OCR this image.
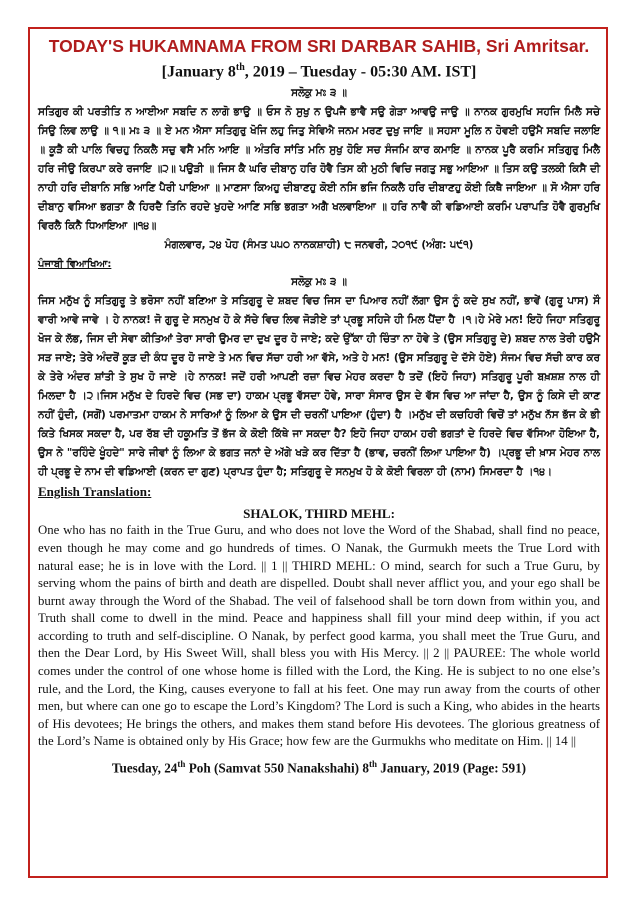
TODAY'S HUKAMNAMA FROM SRI DARBAR SAHIB, Sri Amritsar.

[January 8th, 2019 – Tuesday - 05:30 AM. IST]

ਸਲੋਕੁ ਮਃ ੩ ॥

ਸਤਿਗੁਰ ਕੀ ਪਰਤੀਤਿ ਨ ਆਈਆ ਸਬਦਿ ਨ ਲਾਗੋ ਭਾਉ ॥ ਓਸ ਨੋ ਸੁਖੁ ਨ ਉਪਜੈ ਭਾਵੈ ਸਉ ਗੇੜਾ ਆਵਉ ਜਾਉ ॥ ਨਾਨਕ ਗੁਰਮੁਖਿ ਸਹਜਿ ਮਿਲੈ ਸਚੇ ਸਿਉ ਲਿਵ ਲਾਉ ॥ ੧॥ ਮਃ ੩ ॥ ਏ ਮਨ ਐਸਾ ਸਤਿਗੁਰੁ ਖੋਜਿ ਲਹੁ ਜਿਤੁ ਸੇਵਿਐ ਜਨਮ ਮਰਣ ਦੁਖੁ ਜਾਇ ॥ ਸਹਸਾ ਮੂਲਿ ਨ ਹੋਵਈ ਹਉਮੈ ਸਬਦਿ ਜਲਾਇ ॥ ਕੂੜੈ ਕੀ ਪਾਲਿ ਵਿਚਹੁ ਨਿਕਲੈ ਸਚੁ ਵਸੈ ਮਨਿ ਆਇ ॥ ਅੰਤਰਿ ਸਾਂਤਿ ਮਨਿ ਸੁਖੁ ਹੋਇ ਸਚ ਸੰਜਮਿ ਕਾਰ ਕਮਾਇ ॥ ਨਾਨਕ ਪੂਰੈ ਕਰਮਿ ਸਤਿਗੁਰੁ ਮਿਲੈ ਹਰਿ ਜੀਉ ਕਿਰਪਾ ਕਰੇ ਰਜਾਇ ॥੨॥ ਪਉੜੀ ॥ ਜਿਸ ਕੈ ਘਰਿ ਦੀਬਾਨੁ ਹਰਿ ਹੋਵੈ ਤਿਸ ਕੀ ਮੁਠੀ ਵਿਚਿ ਜਗਤੁ ਸਭੁ ਆਇਆ ॥ ਤਿਸ ਕਉ ਤਲਕੀ ਕਿਸੈ ਦੀ ਨਾਹੀ ਹਰਿ ਦੀਬਾਨਿ ਸਭਿ ਆਣਿ ਪੈਰੀ ਪਾਇਆ ॥ ਮਾਣਸਾ ਕਿਅਹੁ ਦੀਬਾਣਹੁ ਕੋਈ ਨਸਿ ਭਜਿ ਨਿਕਲੈ ਹਰਿ ਦੀਬਾਣਹੁ ਕੋਈ ਕਿਥੈ ਜਾਇਆ ॥ ਸੋ ਐਸਾ ਹਰਿ ਦੀਬਾਨੁ ਵਸਿਆ ਭਗਤਾ ਕੈ ਹਿਰਦੈ ਤਿਨਿ ਰਹਦੇ ਖੁਹਦੇ ਆਣਿ ਸਭਿ ਭਗਤਾ ਅਗੈ ਖਲਵਾਇਆ ॥ ਹਰਿ ਨਾਵੈ ਕੀ ਵਡਿਆਈ ਕਰਮਿ ਪਰਾਪਤਿ ਹੋਵੈ ਗੁਰਮੁਖਿ ਵਿਰਲੈ ਕਿਨੈ ਧਿਆਇਆ ॥੧੪॥

ਮੰਗਲਵਾਰ, ੨੪ ਪੋਹ (ਸੰਮਤ ੫੫੦ ਨਾਨਕਸ਼ਾਹੀ) ੮ ਜਨਵਰੀ, ੨੦੧੯ (ਅੰਗ: ੫੯੧)

ਪੰਜਾਬੀ ਵਿਆਖਿਆ:

ਸਲੋਕੁ ਮਃ ੩ ॥

ਜਿਸ ਮਨੁੱਖ ਨੂੰ ਸਤਿਗੁਰੂ ਤੇ ਭਰੋਸਾ ਨਹੀਂ ਬਣਿਆ ਤੇ ਸਤਿਗੁਰੂ ਦੇ ਸ਼ਬਦ ਵਿਚ ਜਿਸ ਦਾ ਪਿਆਰ ਨਹੀਂ ਲੱਗਾ ਉਸ ਨੂੰ ਕਦੇ ਸੁਖ ਨਹੀਂ, ਭਾਵੇਂ (ਗੁਰੂ ਪਾਸ) ਸੌ ਵਾਰੀ ਆਵੇ ਜਾਵੇ । ਹੇ ਨਾਨਕ! ਜੋ ਗੁਰੂ ਦੇ ਸਨਮੁਖ ਹੋ ਕੇ ਸੱਚੇ ਵਿਚ ਲਿਵ ਜੋੜੀਏ ਤਾਂ ਪ੍ਰਭੂ ਸਹਿਜੇ ਹੀ ਮਿਲ ਪੈਂਦਾ ਹੈ ।੧।ਹੇ ਮੇਰੇ ਮਨ! ਇਹੋ ਜਿਹਾ ਸਤਿਗੁਰੂ ਖੋਜ ਕੇ ਲੱਭ, ਜਿਸ ਦੀ ਸੇਵਾ ਕੀਤਿਆਂ ਤੇਰਾ ਸਾਰੀ ਉਮਰ ਦਾ ਦੁਖ ਦੂਰ ਹੋ ਜਾਏ; ਕਦੇ ਉੱਕਾ ਹੀ ਚਿੰਤਾ ਨਾ ਹੋਵੇ ਤੇ (ਉਸ ਸਤਿਗੁਰੂ ਦੇ) ਸ਼ਬਦ ਨਾਲ ਤੇਰੀ ਹਉਮੈ ਸੜ ਜਾਏ; ਤੇਰੇ ਅੰਦਰੋਂ ਕੂੜ ਦੀ ਕੰਧ ਦੂਰ ਹੋ ਜਾਏ ਤੇ ਮਨ ਵਿਚ ਸੱਚਾ ਹਰੀ ਆ ਵੱਸੇ, ਅਤੇ ਹੇ ਮਨ! (ਉਸ ਸਤਿਗੁਰੂ ਦੇ ਦੱਸੇ ਹੋਏ) ਸੰਜਮ ਵਿਚ ਸੱਚੀ ਕਾਰ ਕਰ ਕੇ ਤੇਰੇ ਅੰਦਰ ਸ਼ਾਂਤੀ ਤੇ ਸੁਖ ਹੋ ਜਾਏ ।ਹੇ ਨਾਨਕ! ਜਦੋਂ ਹਰੀ ਆਪਣੀ ਰਜ਼ਾ ਵਿਚ ਮੇਹਰ ਕਰਦਾ ਹੈ ਤਦੋਂ (ਇਹੋ ਜਿਹਾ) ਸਤਿਗੁਰੂ ਪੂਰੀ ਬਖ਼ਸ਼ਸ਼ ਨਾਲ ਹੀ ਮਿਲਦਾ ਹੈ ।੨।ਜਿਸ ਮਨੁੱਖ ਦੇ ਹਿਰਦੇ ਵਿਚ (ਸਭ ਦਾ) ਹਾਕਮ ਪ੍ਰਭੂ ਵੱਸਦਾ ਹੋਵੇ, ਸਾਰਾ ਸੰਸਾਰ ਉਸ ਦੇ ਵੱਸ ਵਿਚ ਆ ਜਾਂਦਾ ਹੈ, ਉਸ ਨੂੰ ਕਿਸੇ ਦੀ ਕਾਣ ਨਹੀਂ ਹੁੰਦੀ, (ਸਗੋਂ) ਪਰਮਾਤਮਾ ਹਾਕਮ ਨੇ ਸਾਰਿਆਂ ਨੂੰ ਲਿਆ ਕੇ ਉਸ ਦੀ ਚਰਨੀਂ ਪਾਇਆ (ਹੁੰਦਾ) ਹੈ ।ਮਨੁੱਖ ਦੀ ਕਚਹਿਰੀ ਵਿਚੋਂ ਤਾਂ ਮਨੁੱਖ ਨੱਸ ਭੱਜ ਕੇ ਭੀ ਕਿਤੇ ਖਿਸਕ ਸਕਦਾ ਹੈ, ਪਰ ਰੱਬ ਦੀ ਹਕੂਮਤਿ ਤੋਂ ਭੱਜ ਕੇ ਕੋਈ ਕਿੱਥੇ ਜਾ ਸਕਦਾ ਹੈ? ਇਹੋ ਜਿਹਾ ਹਾਕਮ ਹਰੀ ਭਗਤਾਂ ਦੇ ਹਿਰਦੇ ਵਿਚ ਵੱਸਿਆ ਹੋਇਆ ਹੈ, ਉਸ ਨੇ "ਰਹਿੰਦੇ ਖੂੰਹਦੇ" ਸਾਰੇ ਜੀਵਾਂ ਨੂੰ ਲਿਆ ਕੇ ਭਗਤ ਜਨਾਂ ਦੇ ਅੱਗੇ ਖੜੇ ਕਰ ਦਿੱਤਾ ਹੈ (ਭਾਵ, ਚਰਨੀਂ ਲਿਆ ਪਾਇਆ ਹੈ) ।ਪ੍ਰਭੂ ਦੀ ਖ਼ਾਸ ਮੇਹਰ ਨਾਲ ਹੀ ਪ੍ਰਭੂ ਦੇ ਨਾਮ ਦੀ ਵਡਿਆਈ (ਕਰਨ ਦਾ ਗੁਣ) ਪ੍ਰਾਪਤ ਹੁੰਦਾ ਹੈ; ਸਤਿਗੁਰੂ ਦੇ ਸਨਮੁਖ ਹੋ ਕੇ ਕੋਈ ਵਿਰਲਾ ਹੀ (ਨਾਮ) ਸਿਮਰਦਾ ਹੈ ।੧੪।

English Translation:

SHALOK, THIRD MEHL:

One who has no faith in the True Guru, and who does not love the Word of the Shabad, shall find no peace, even though he may come and go hundreds of times. O Nanak, the Gurmukh meets the True Lord with natural ease; he is in love with the Lord. || 1 || THIRD MEHL: O mind, search for such a True Guru, by serving whom the pains of birth and death are dispelled. Doubt shall never afflict you, and your ego shall be burnt away through the Word of the Shabad. The veil of falsehood shall be torn down from within you, and Truth shall come to dwell in the mind. Peace and happiness shall fill your mind deep within, if you act according to truth and self-discipline. O Nanak, by perfect good karma, you shall meet the True Guru, and then the Dear Lord, by His Sweet Will, shall bless you with His Mercy. || 2 || PAUREE: The whole world comes under the control of one whose home is filled with the Lord, the King. He is subject to no one else’s rule, and the Lord, the King, causes everyone to fall at his feet. One may run away from the courts of other men, but where can one go to escape the Lord’s Kingdom? The Lord is such a King, who abides in the hearts of His devotees; He brings the others, and makes them stand before His devotees. The glorious greatness of the Lord’s Name is obtained only by His Grace; how few are the Gurmukhs who meditate on Him. || 14 ||

Tuesday, 24th Poh (Samvat 550 Nanakshahi) 8th January, 2019 (Page: 591)
